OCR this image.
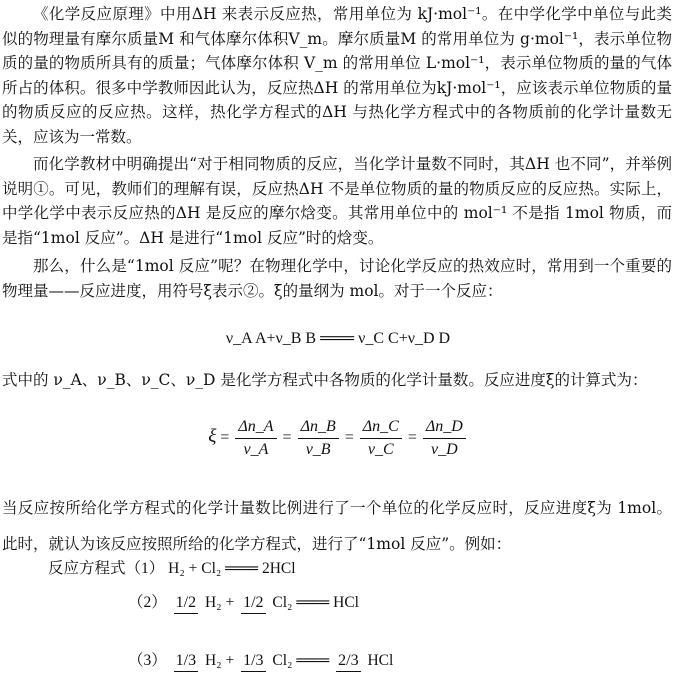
《化学反应原理》中用ΔH 来表示反应热，常用单位为 kJ·mol⁻¹。在中学化学中单位与此类似的物理量有摩尔质量M 和气体摩尔体积V_m。摩尔质量M 的常用单位为 g·mol⁻¹，表示单位物质的量的物质所具有的质量；气体摩尔体积 V_m 的常用单位 L·mol⁻¹，表示单位物质的量的气体所占的体积。很多中学教师因此认为，反应热ΔH 的常用单位为kJ·mol⁻¹，应该表示单位物质的量的物质反应的反应热。这样，热化学方程式的ΔH 与热化学方程式中的各物质前的化学计量数无关，应该为一常数。
而化学教材中明确提出“对于相同物质的反应，当化学计量数不同时，其ΔH 也不同”，并举例说明①。可见，教师们的理解有误，反应热ΔH 不是单位物质的量的物质反应的反应热。实际上，中学化学中表示反应热的ΔH 是反应的摩尔焓变。其常用单位中的 mol⁻¹ 不是指 1mol 物质，而是指“1mol 反应”。ΔH 是进行“1mol 反应”时的焓变。
那么，什么是“1mol 反应”呢？在物理化学中，讨论化学反应的热效应时，常用到一个重要的物理量——反应进度，用符号ξ表示②。ξ的量纲为 mol。对于一个反应：
ν_A A+ν_B B ═══ ν_C C+ν_D D
式中的 ν_A、ν_B、ν_C、ν_D 是化学方程式中各物质的化学计量数。反应进度ξ的计算式为：
$\xi = \frac{\Delta n\_A}{\nu\_A} = \frac{\Delta n\_B}{\nu\_B} = \frac{\Delta n\_C}{\nu\_C} = \frac{\Delta n\_D}{\nu\_D}$
当反应按所给化学方程式的化学计量数比例进行了一个单位的化学反应时，反应进度ξ为 1mol。此时，就认为该反应按照所给的化学方程式，进行了“1mol 反应”。例如：
反应方程式（1） H₂ + Cl₂ ═══ 2HCl
（2） 1/2 H₂ + 1/2 Cl₂ ═══ HCl
（3） 1/3 H₂ + 1/3 Cl₂ ═══ 2/3 HCl
